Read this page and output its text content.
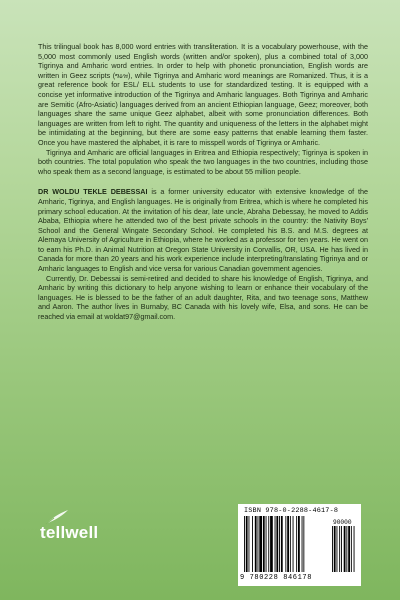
This trilingual book has 8,000 word entries with transliteration. It is a vocabulary powerhouse, with the 5,000 most commonly used English words (written and/or spoken), plus a combined total of 3,000 Tigrinya and Amharic word entries. In order to help with phonetic pronunciation, English words are written in Geez scripts (ግዕዝ), while Tigrinya and Amharic word meanings are Romanized. Thus, it is a great reference book for ESL/ ELL students to use for standardized testing. It is equipped with a concise yet informative introduction of the Tigrinya and Amharic languages. Both Tigrinya and Amharic are Semitic (Afro-Asiatic) languages derived from an ancient Ethiopian language, Geez; moreover, both languages share the same unique Geez alphabet, albeit with some pronunciation differences. Both languages are written from left to right. The quantity and uniqueness of the letters in the alphabet might be intimidating at the beginning, but there are some easy patterns that enable learning them faster. Once you have mastered the alphabet, it is rare to misspell words of Tigrinya or Amharic.

Tigrinya and Amharic are official languages in Eritrea and Ethiopia respectively; Tigrinya is spoken in both countries. The total population who speak the two languages in the two countries, including those who speak them as a second language, is estimated to be about 55 million people.

DR WOLDU TEKLE DEBESSAI is a former university educator with extensive knowledge of the Amharic, Tigrinya, and English languages. He is originally from Eritrea, which is where he completed his primary school education. At the invitation of his dear, late uncle, Abraha Debessay, he moved to Addis Ababa, Ethiopia where he attended two of the best private schools in the country: the Nativity Boys' School and the General Wingate Secondary School. He completed his B.S. and M.S. degrees at Alemaya University of Agriculture in Ethiopia, where he worked as a professor for ten years. He went on to earn his Ph.D. in Animal Nutrition at Oregon State University in Corvallis, OR, USA. He has lived in Canada for more than 20 years and his work experience include interpreting/translating Tigrinya and or Amharic languages to English and vice versa for various Canadian government agencies.

Currently, Dr. Debessai is semi-retired and decided to share his knowledge of English, Tigrinya, and Amharic by writing this dictionary to help anyone wishing to learn or enhance their vocabulary of the languages. He is blessed to be the father of an adult daughter, Rita, and two teenage sons, Matthew and Aaron. The author lives in Burnaby, BC Canada with his lovely wife, Elsa, and sons. He can be reached via email at woldat97@gmail.com.

tellwell
ISBN 978-0-2288-4617-8
90000
9 780228 846178
